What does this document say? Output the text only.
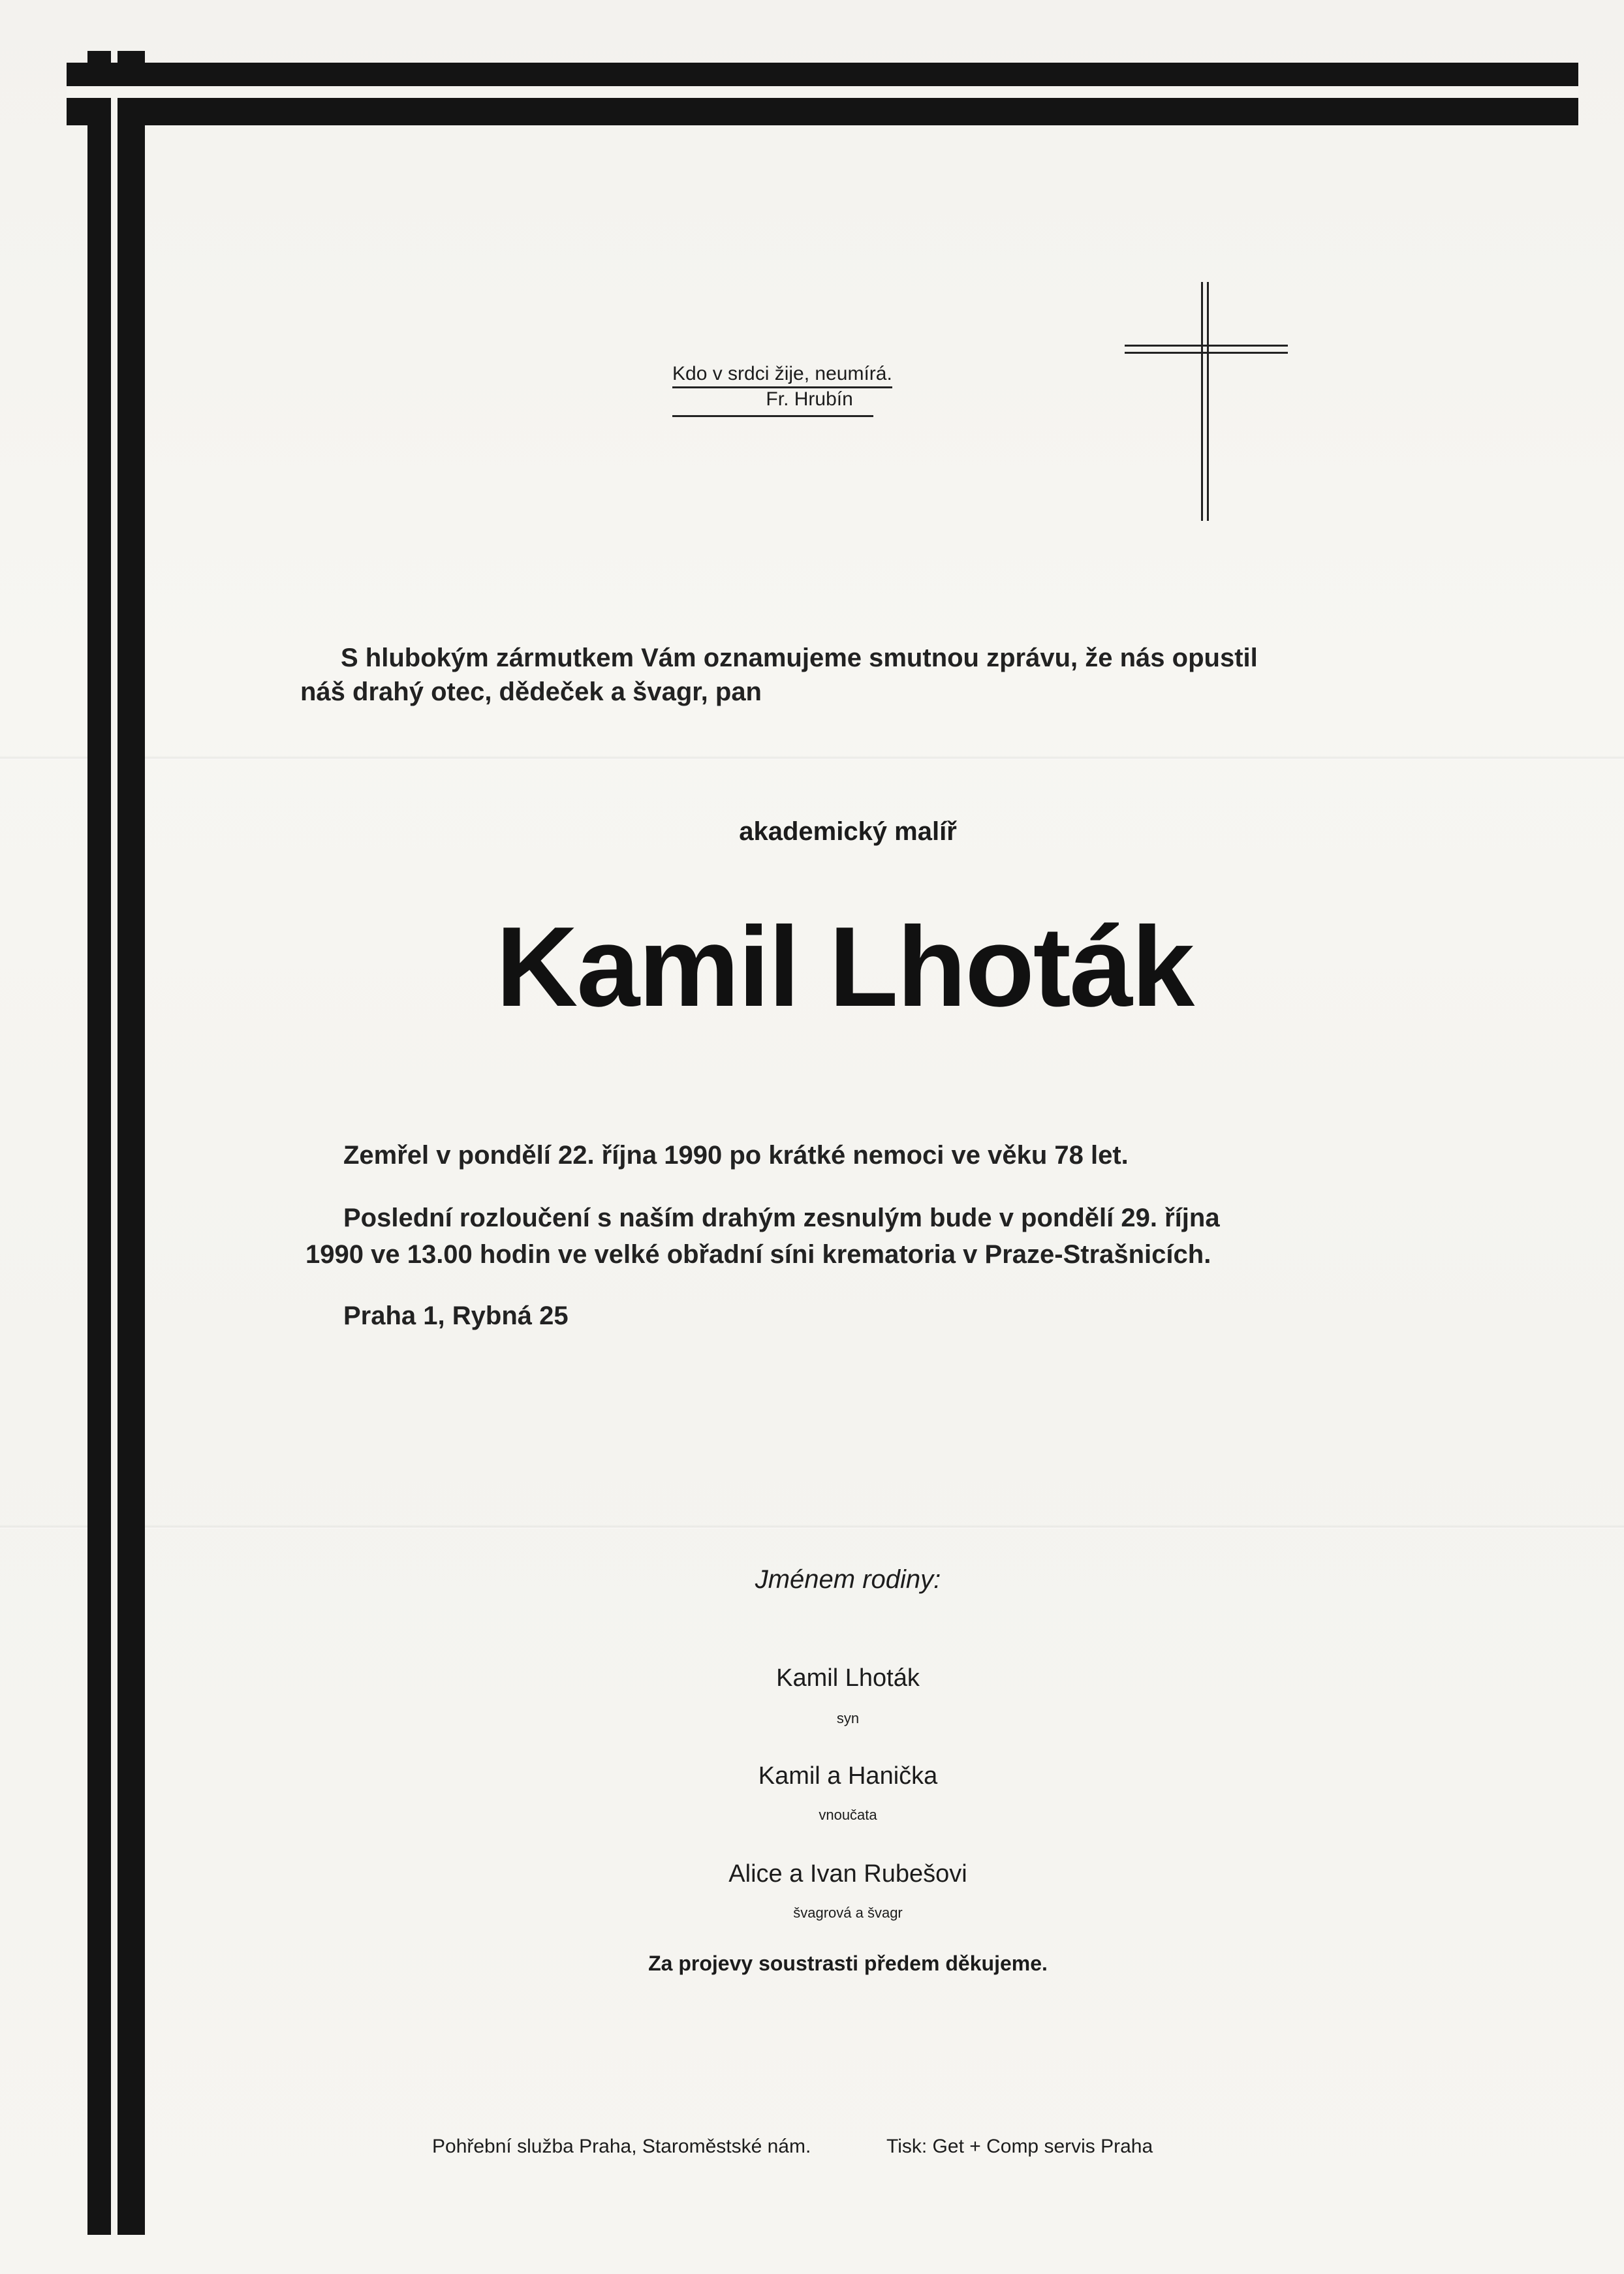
Kdo v srdci žije, neumírá.
Fr. Hrubín
S hlubokým zármutkem Vám oznamujeme smutnou zprávu, že nás opustil
náš drahý otec, dědeček a švagr, pan
akademický malíř
Kamil Lhoták
Zemřel v pondělí 22. října 1990 po krátké nemoci ve věku 78 let.
Poslední rozloučení s naším drahým zesnulým bude v pondělí 29. října
1990 ve 13.00 hodin ve velké obřadní síni krematoria v Praze-Strašnicích.
Praha 1, Rybná 25
Jménem rodiny:
Kamil Lhoták
syn
Kamil a Hanička
vnoučata
Alice a Ivan Rubešovi
švagrová a švagr
Za projevy soustrasti předem děkujeme.
Pohřební služba Praha, Staroměstské nám.	Tisk: Get + Comp servis Praha
